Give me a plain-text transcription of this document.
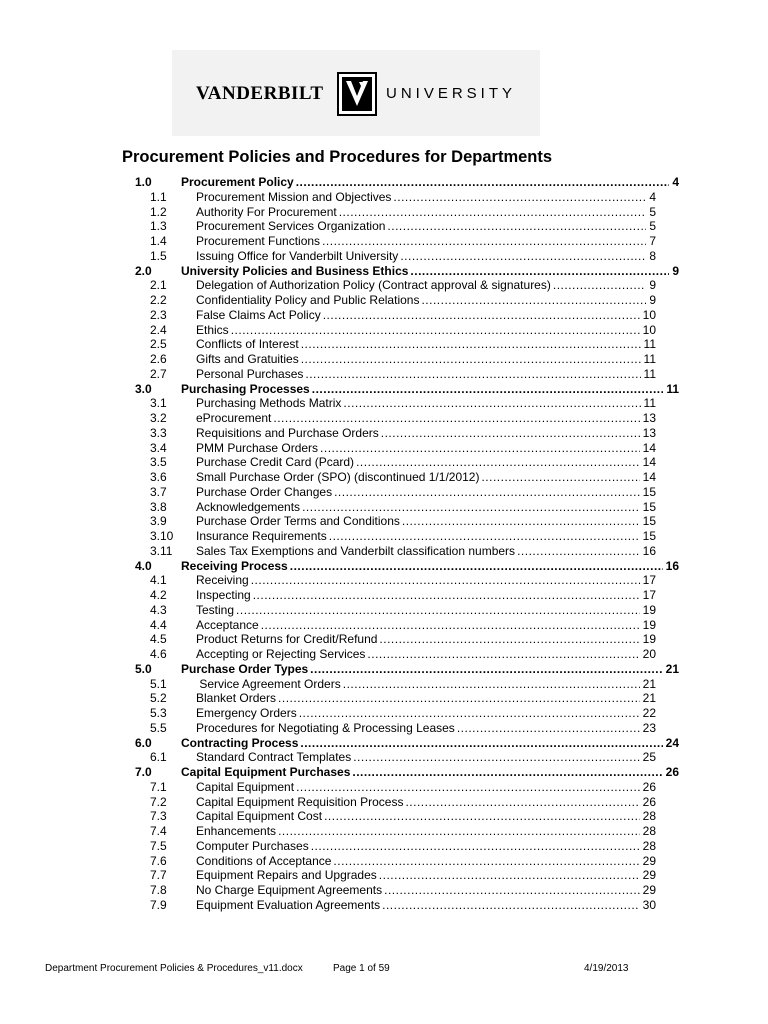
VANDERBILT	UNIVERSITY
Procurement Policies and Procedures for Departments
1.0	Procurement Policy .....	4
1.1	Procurement Mission and Objectives .....	4
1.2	Authority For Procurement .....	5
1.3	Procurement Services Organization .....	5
1.4	Procurement Functions .....	7
1.5	Issuing Office for Vanderbilt University .....	8
2.0	University Policies and Business Ethics .....	9
2.1	Delegation of Authorization Policy (Contract approval & signatures) .....	9
2.2	Confidentiality Policy and Public Relations .....	9
2.3	False Claims Act Policy .....	10
2.4	Ethics .....	10
2.5	Conflicts of Interest .....	11
2.6	Gifts and Gratuities .....	11
2.7	Personal Purchases .....	11
3.0	Purchasing Processes .....	11
3.1	Purchasing Methods Matrix .....	11
3.2	eProcurement .....	13
3.3	Requisitions and Purchase Orders .....	13
3.4	PMM Purchase Orders .....	14
3.5	Purchase Credit Card (Pcard) .....	14
3.6	Small Purchase Order (SPO) (discontinued 1/1/2012) .....	14
3.7	Purchase Order Changes .....	15
3.8	Acknowledgements .....	15
3.9	Purchase Order Terms and Conditions .....	15
3.10	Insurance Requirements .....	15
3.11	Sales Tax Exemptions and Vanderbilt classification numbers .....	16
4.0	Receiving Process .....	16
4.1	Receiving .....	17
4.2	Inspecting .....	17
4.3	Testing .....	19
4.4	Acceptance .....	19
4.5	Product Returns for Credit/Refund .....	19
4.6	Accepting or Rejecting Services .....	20
5.0	Purchase Order Types .....	21
5.1	Service Agreement Orders .....	21
5.2	Blanket Orders .....	21
5.3	Emergency Orders .....	22
5.5	Procedures for Negotiating & Processing Leases .....	23
6.0	Contracting Process .....	24
6.1	Standard Contract Templates .....	25
7.0	Capital Equipment Purchases .....	26
7.1	Capital Equipment .....	26
7.2	Capital Equipment Requisition Process .....	26
7.3	Capital Equipment Cost .....	28
7.4	Enhancements .....	28
7.5	Computer Purchases .....	28
7.6	Conditions of Acceptance .....	29
7.7	Equipment Repairs and Upgrades .....	29
7.8	No Charge Equipment Agreements .....	29
7.9	Equipment Evaluation Agreements .....	30
Department Procurement Policies & Procedures_v11.docx	Page 1 of 59	4/19/2013
